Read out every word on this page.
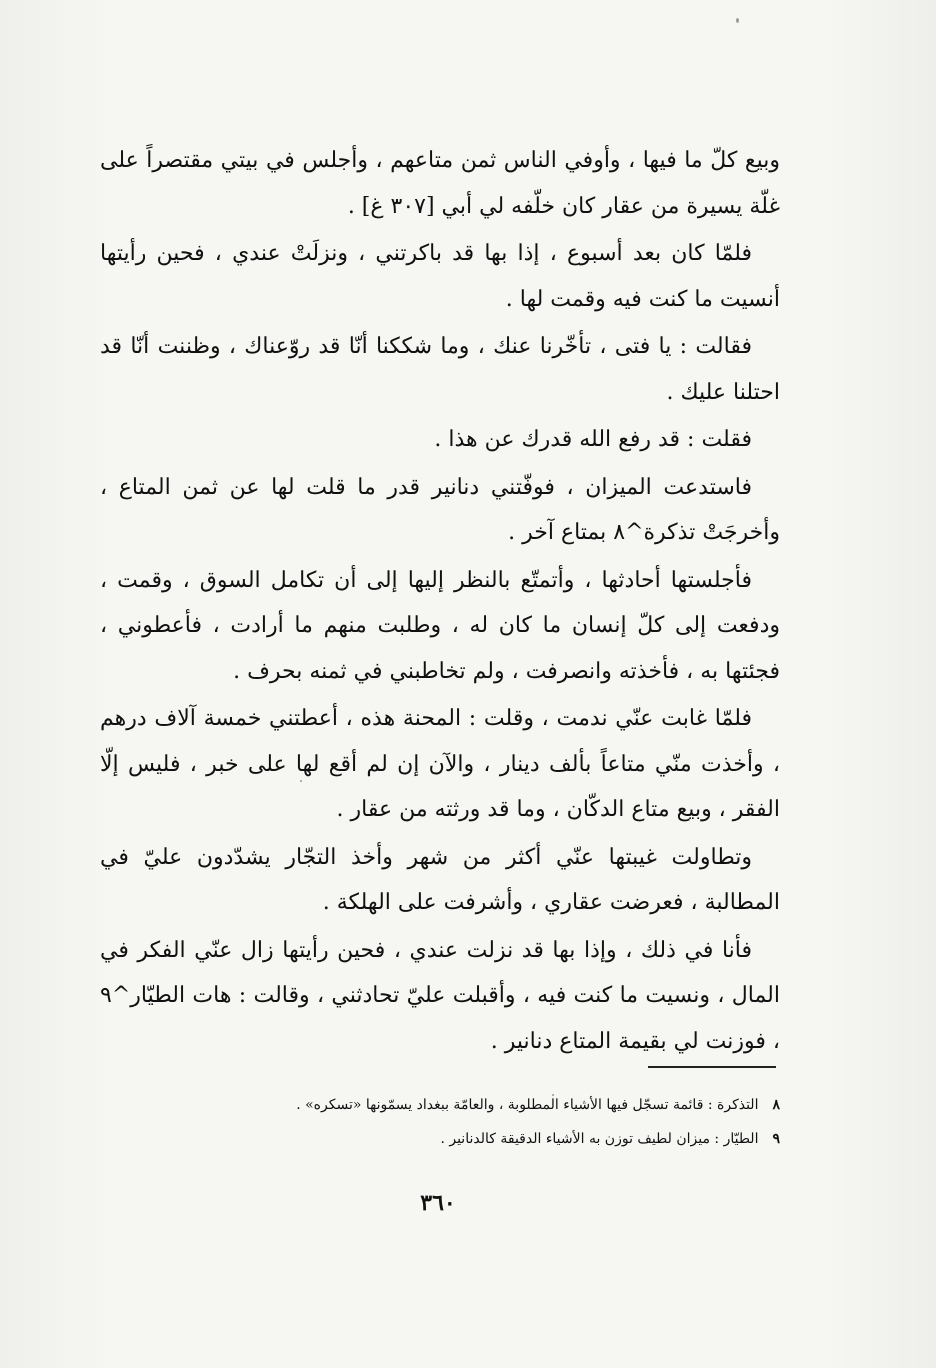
وبيع كلّ ما فيها ، وأوفي الناس ثمن متاعهم ، وأجلس في بيتي مقتصراً على غلّة يسيرة من عقار كان خلّفه لي أبي [٣٠٧ غ] .

فلمّا كان بعد أسبوع ، إذا بها قد باكرتني ، ونزلَتْ عندي ، فحين رأيتها أنسيت ما كنت فيه وقمت لها .

فقالت : يا فتى ، تأخّرنا عنك ، وما شككنا أنّا قد روّعناك ، وظننت أنّا قد احتلنا عليك .

فقلت : قد رفع الله قدرك عن هذا .

فاستدعت الميزان ، فوفّتني دنانير قدر ما قلت لها عن ثمن المتاع ، وأخرجَتْ تذكرة^٨ بمتاع آخر .

فأجلستها أحادثها ، وأتمتّع بالنظر إليها إلى أن تكامل السوق ، وقمت ، ودفعت إلى كلّ إنسان ما كان له ، وطلبت منهم ما أرادت ، فأعطوني ، فجئتها به ، فأخذته وانصرفت ، ولم تخاطبني في ثمنه بحرف .

فلمّا غابت عنّي ندمت ، وقلت : المحنة هذه ، أعطتني خمسة آلاف درهم ، وأخذت منّي متاعاً بألف دينار ، والآن إن لم أقع لها على خبر ، فليس إلّا الفقر ، وبيع متاع الدكّان ، وما قد ورثته من عقار .

وتطاولت غيبتها عنّي أكثر من شهر وأخذ التجّار يشدّدون عليّ في المطالبة ، فعرضت عقاري ، وأشرفت على الهلكة .

فأنا في ذلك ، وإذا بها قد نزلت عندي ، فحين رأيتها زال عنّي الفكر في المال ، ونسيت ما كنت فيه ، وأقبلت عليّ تحادثني ، وقالت : هات الطيّار^٩ ، فوزنت لي بقيمة المتاع دنانير .

٨التذكرة : قائمة تسجّل فيها الأشياء المطلوبة ، والعامّة ببغداد يسمّونها «تسكره» .

٩الطيّار : ميزان لطيف توزن به الأشياء الدقيقة كالدنانير .

٣٦٠
